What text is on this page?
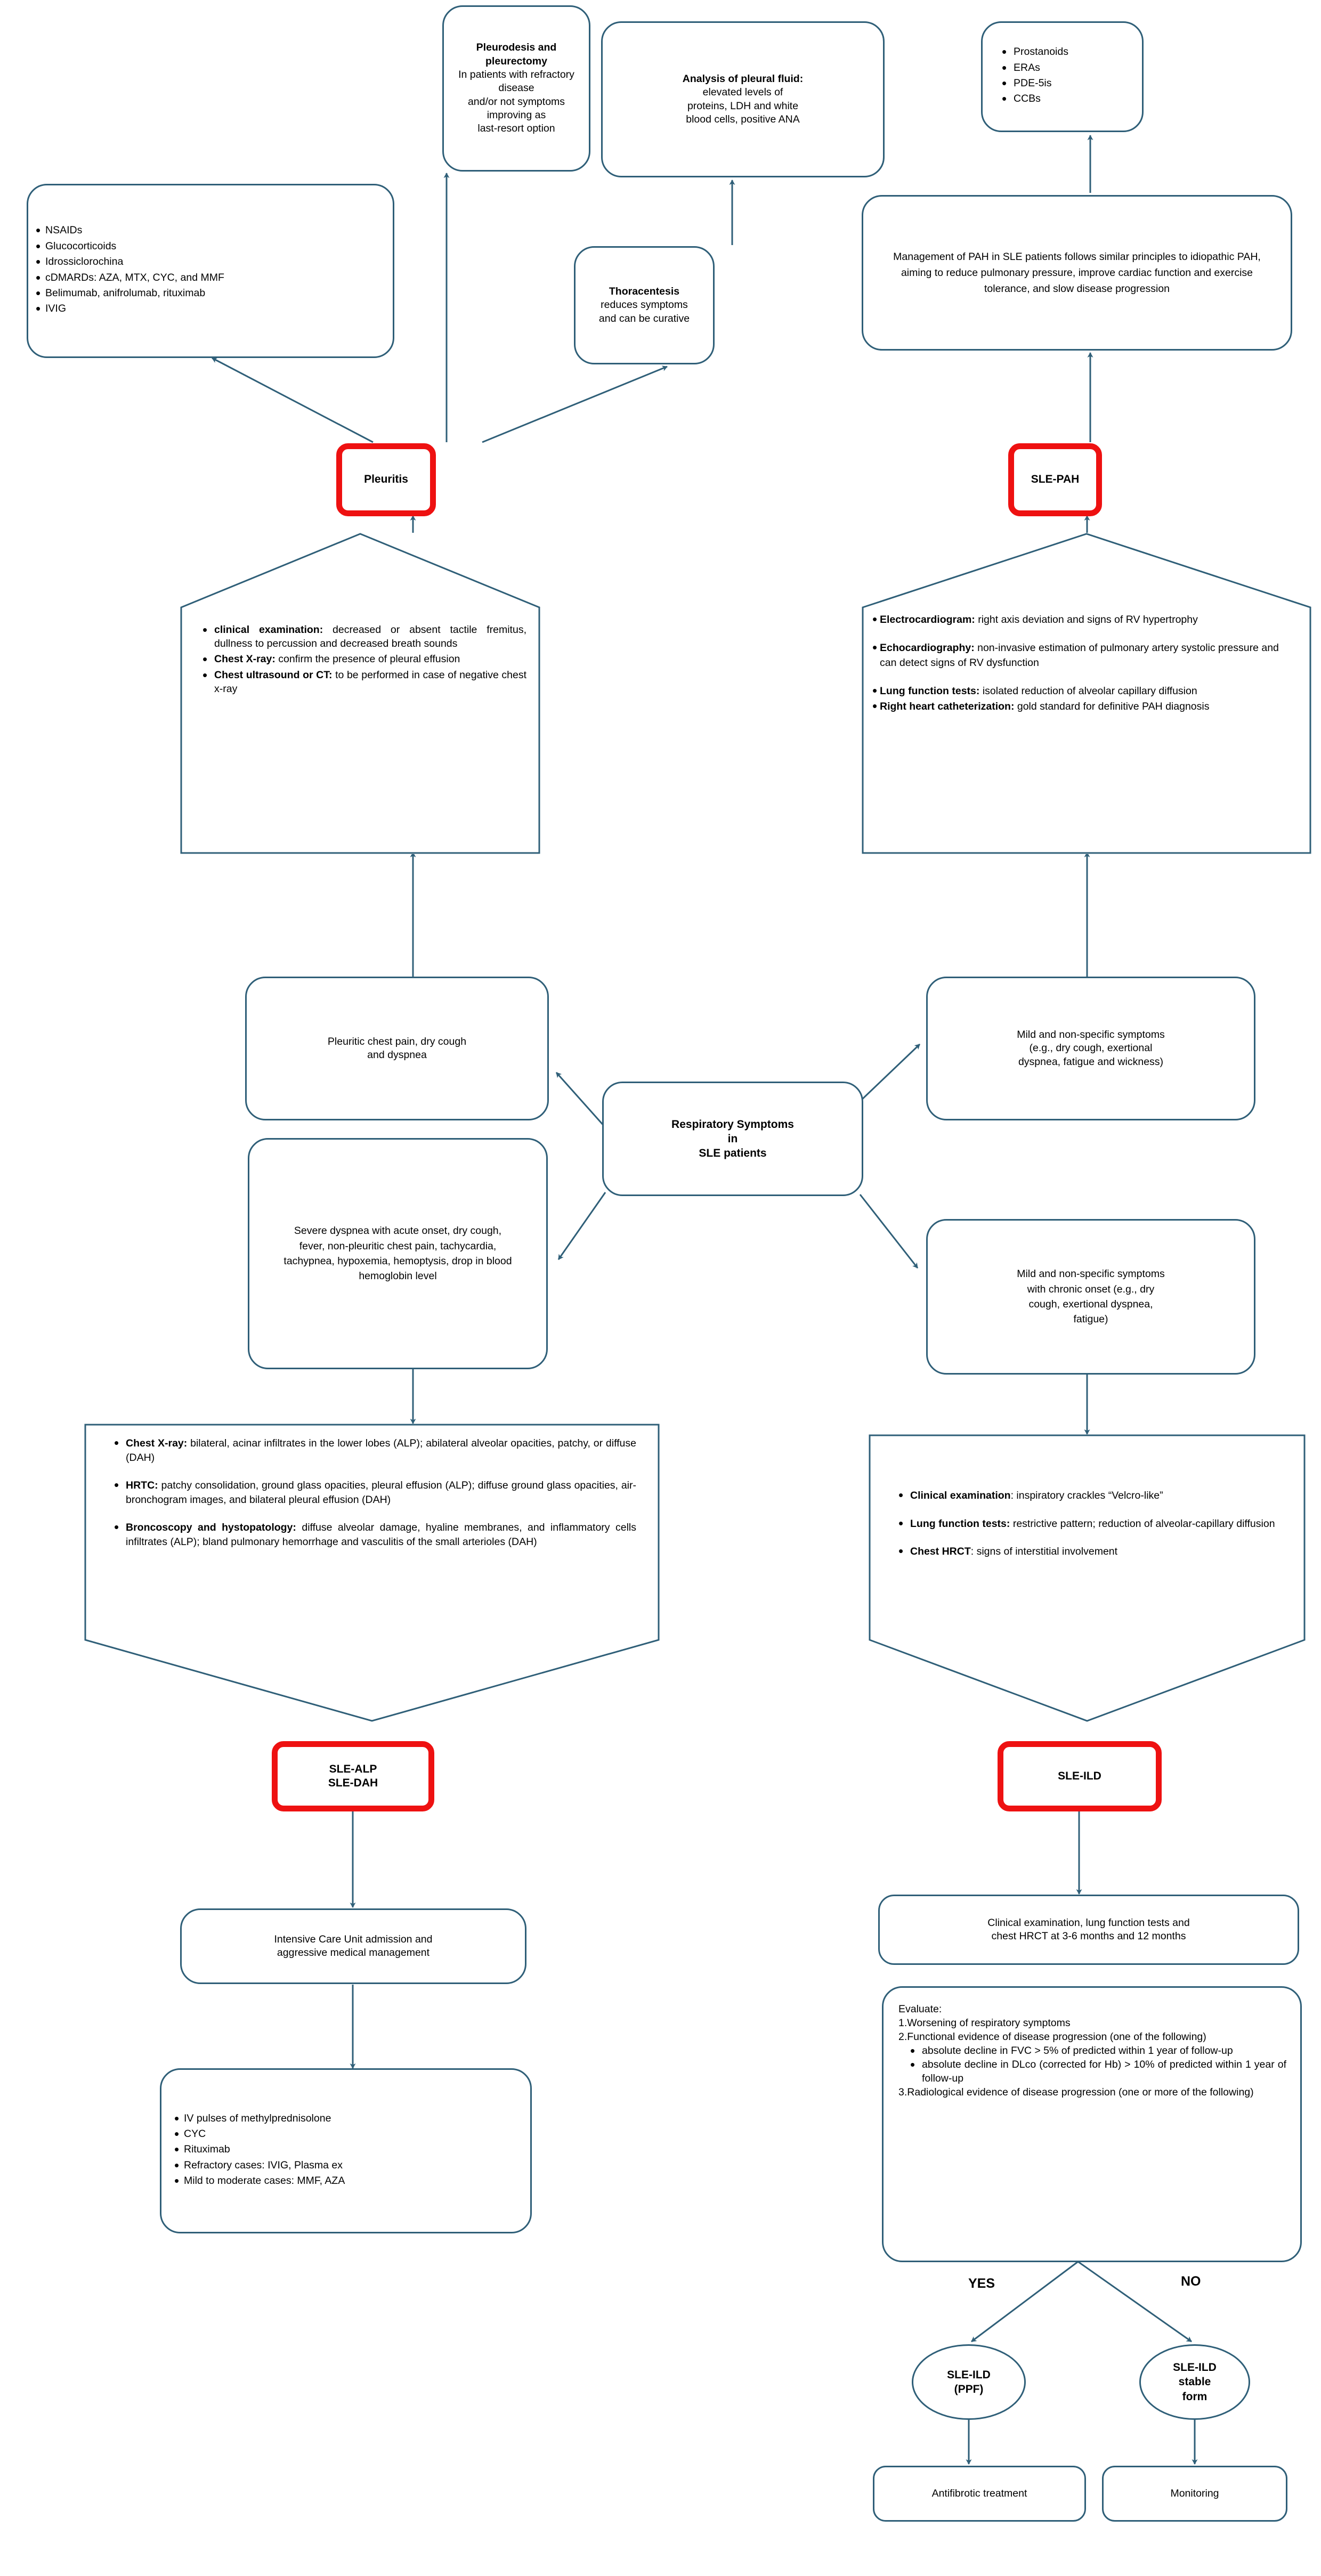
Pleurodesis and pleurectomy
In patients with refractory disease
and/or not symptoms improving as
last-resort option
Analysis of pleural fluid:
elevated levels of
proteins, LDH and white
blood cells, positive ANA
• Prostanoids
• ERAs
• PDE-5is
• CCBs
• NSAIDs
• Glucocorticoids
• Idrossiclorochina
• cDMARDs: AZA, MTX, CYC, and MMF
• Belimumab, anifrolumab, rituximab
• IVIG
Thoracentesis
reduces symptoms
and can be curative
Management of PAH in SLE patients follows similar principles to idiopathic PAH, aiming to reduce pulmonary pressure, improve cardiac function and exercise tolerance, and slow disease progression
Pleuritis	SLE-PAH
• clinical examination: decreased or absent tactile fremitus, dullness to percussion and decreased breath sounds
• Chest X-ray: confirm the presence of pleural effusion
• Chest ultrasound or CT: to be performed in case of negative chest x-ray
• Electrocardiogram: right axis deviation and signs of RV hypertrophy
• Echocardiography: non-invasive estimation of pulmonary artery systolic pressure and can detect signs of RV dysfunction
• Lung function tests: isolated reduction of alveolar capillary diffusion
• Right heart catheterization: gold standard for definitive PAH diagnosis
Pleuritic chest pain, dry cough
and dyspnea
Mild and non-specific symptoms
(e.g., dry cough, exertional
dyspnea, fatigue and wickness)
Respiratory Symptoms
in
SLE patients
Severe dyspnea with acute onset, dry cough, fever, non-pleuritic chest pain, tachycardia, tachypnea, hypoxemia, hemoptysis, drop in blood hemoglobin level	Mild and non-specific symptoms
with chronic onset (e.g., dry
cough, exertional dyspnea,
fatigue)
• Chest X-ray: bilateral, acinar infiltrates in the lower lobes (ALP); abilateral alveolar opacities, patchy, or diffuse (DAH)
• HRTC: patchy consolidation, ground glass opacities, pleural effusion (ALP); diffuse ground glass opacities, air-bronchogram images, and bilateral pleural effusion (DAH)
• Broncoscopy and hystopatology: diffuse alveolar damage, hyaline membranes, and inflammatory cells infiltrates (ALP); bland pulmonary hemorrhage and vasculitis of the small arterioles (DAH)
• Clinical examination: inspiratory crackles “Velcro-like”
• Lung function tests: restrictive pattern; reduction of alveolar-capillary diffusion
• Chest HRCT: signs of interstitial involvement
SLE-ALP
SLE-DAH
SLE-ILD
Intensive Care Unit admission and
aggressive medical management
• IV pulses of methylprednisolone
• CYC
• Rituximab
• Refractory cases: IVIG, Plasma ex
• Mild to moderate cases: MMF, AZA
Clinical examination, lung function tests and
chest HRCT at 3-6 months and 12 months
Evaluate:
1.Worsening of respiratory symptoms
2.Functional evidence of disease progression (one of the following)
• absolute decline in FVC > 5% of predicted within 1 year of follow-up
• absolute decline in DLco (corrected for Hb) > 10% of predicted within 1 year of follow-up
3.Radiological evidence of disease progression (one or more of the following)
YES	NO
SLE-ILD
(PPF)
SLE-ILD
stable
form
Antifibrotic treatment	Monitoring
